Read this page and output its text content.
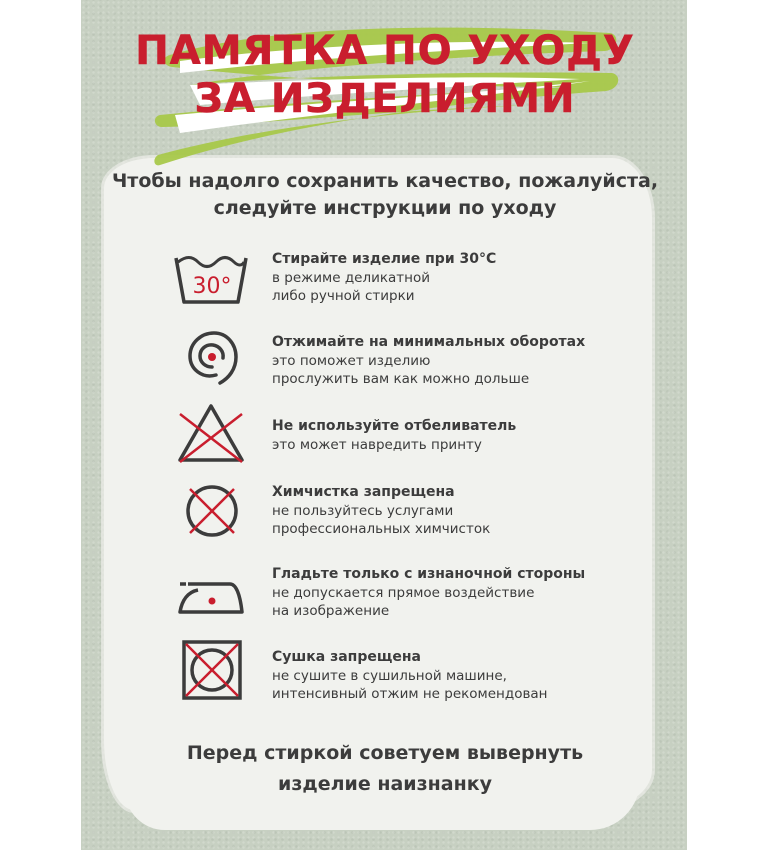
ПАМЯТКА ПО УХОДУ
ЗА ИЗДЕЛИЯМИ
Чтобы надолго сохранить качество, пожалуйста,
следуйте инструкции по уходу
30°
Стирайте изделие при 30°С
в режиме деликатной
либо ручной стирки
Отжимайте на минимальных оборотах
это поможет изделию
прослужить вам как можно дольше
Не используйте отбеливатель
это может навредить принту
Химчистка запрещена
не пользуйтесь услугами
профессиональных химчисток
Гладьте только с изнаночной стороны
не допускается прямое воздействие
на изображение
Сушка запрещена
не сушите в сушильной машине,
интенсивный отжим не рекомендован
Перед стиркой советуем вывернуть
изделие наизнанку
